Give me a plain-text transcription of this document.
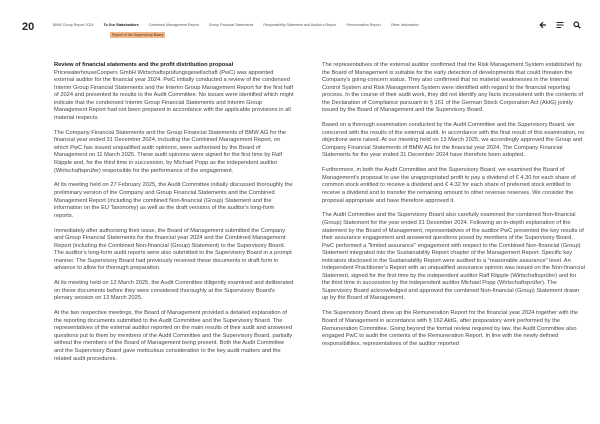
20	BMW Group Report 2024	To Our Stakeholders	Combined Management Report	Group Financial Statements	Responsibility Statement and Auditor's Report	Remuneration Report	Other Information
Report of the Supervisory Board
Review of financial statements and the profit distribution proposal

PricewaterhouseCoopers GmbH Wirtschaftsprüfungsgesellschaft (PwC) was appointed external auditor for the financial year 2024. PwC initially conducted a review of the condensed Interim Group Financial Statements and the Interim Group Management Report for the first half of 2024 and presented its results to the Audit Committee. No issues were identified which might indicate that the condensed Interim Group Financial Statements and Interim Group Management Report had not been prepared in accordance with the applicable provisions in all material respects.

The Company Financial Statements and the Group Financial Statements of BMW AG for the financial year ended 31 December 2024, including the Combined Management Report, on which PwC has issued unqualified audit opinions, were authorised by the Board of Management on 11 March 2025. These audit opinions were signed for the first time by Ralf Räpple and, for the third time in succession, by Michael Popp as the independent auditor (Wirtschaftsprüfer) responsible for the performance of the engagement.

At its meeting held on 27 February 2025, the Audit Committee initially discussed thoroughly the preliminary version of the Company and Group Financial Statements and the Combined Management Report (including the combined Non-financial (Group) Statement and the information on the EU Taxonomy) as well as the draft versions of the auditor's long-form reports.

Immediately after authorising their issue, the Board of Management submitted the Company and Group Financial Statements for the financial year 2024 and the Combined Management Report (including the Combined Non-financial (Group) Statement) to the Supervisory Board. The auditor's long-form audit reports were also submitted to the Supervisory Board in a prompt manner. The Supervisory Board had previously received these documents in draft form in advance to allow for thorough preparation.

At its meeting held on 12 March 2025, the Audit Committee diligently examined and deliberated on these documents before they were considered thoroughly at the Supervisory Board's plenary session on 13 March 2025.

At the two respective meetings, the Board of Management provided a detailed explanation of the reporting documents submitted to the Audit Committee and the Supervisory Board. The representatives of the external auditor reported on the main results of their audit and answered questions put to them by members of the Audit Committee and the Supervisory Board, partially without the members of the Board of Management being present. Both the Audit Committee and the Supervisory Board gave meticulous consideration to the key audit matters and the related audit procedures.

The representatives of the external auditor confirmed that the Risk Management System established by the Board of Management is suitable for the early detection of developments that could threaten the Company's going-concern status. They also confirmed that no material weaknesses in the Internal Control System and Risk Management System were identified with regard to the financial reporting process. In the course of their audit work, they did not identify any facts inconsistent with the contents of the Declaration of Compliance pursuant to § 161 of the German Stock Corporation Act (AktG) jointly issued by the Board of Management and the Supervisory Board.

Based on a thorough examination conducted by the Audit Committee and the Supervisory Board, we concurred with the results of the external audit. In accordance with the final result of this examination, no objections were raised. At our meeting held on 13 March 2025, we accordingly approved the Group and Company Financial Statements of BMW AG for the financial year 2024. The Company Financial Statements for the year ended 31 December 2024 have therefore been adopted.

Furthermore, in both the Audit Committee and the Supervisory Board, we examined the Board of Management's proposal to use the unappropriated profit to pay a dividend of € 4.30 for each share of common stock entitled to receive a dividend and € 4.32 for each share of preferred stock entitled to receive a dividend and to transfer the remaining amount to other revenue reserves. We consider the proposal appropriate and have therefore approved it.

The Audit Committee and the Supervisory Board also carefully examined the combined Non-financial (Group) Statement for the year ended 31 December 2024. Following an in-depth explanation of the statement by the Board of Management, representatives of the auditor PwC presented the key results of their assurance engagement and answered questions posed by members of the Supervisory Board. PwC performed a "limited assurance" engagement with respect to the Combined Non-financial (Group) Statement integrated into the Sustainability Report chapter of the Management Report. Specific key indicators disclosed in the Sustainability Report were audited to a "reasonable assurance" level. An Independent Practitioner's Report with an unqualified assurance opinion was issued on the Non-financial Statement, signed for the first time by the independent auditor Ralf Räpple (Wirtschaftsprüfer) and for the third time in succession by the independent auditor Michael Popp (Wirtschaftsprüfer). The Supervisory Board acknowledged and approved the combined Non-financial (Group) Statement drawn up by the Board of Management.

The Supervisory Board drew up the Remuneration Report for the financial year 2024 together with the Board of Management in accordance with § 162 AktG, after preparatory work performed by the Remuneration Committee. Going beyond the formal review required by law, the Audit Committee also engaged PwC to audit the contents of the Remuneration Report. In line with the newly defined responsibilities, representatives of the auditor reported
